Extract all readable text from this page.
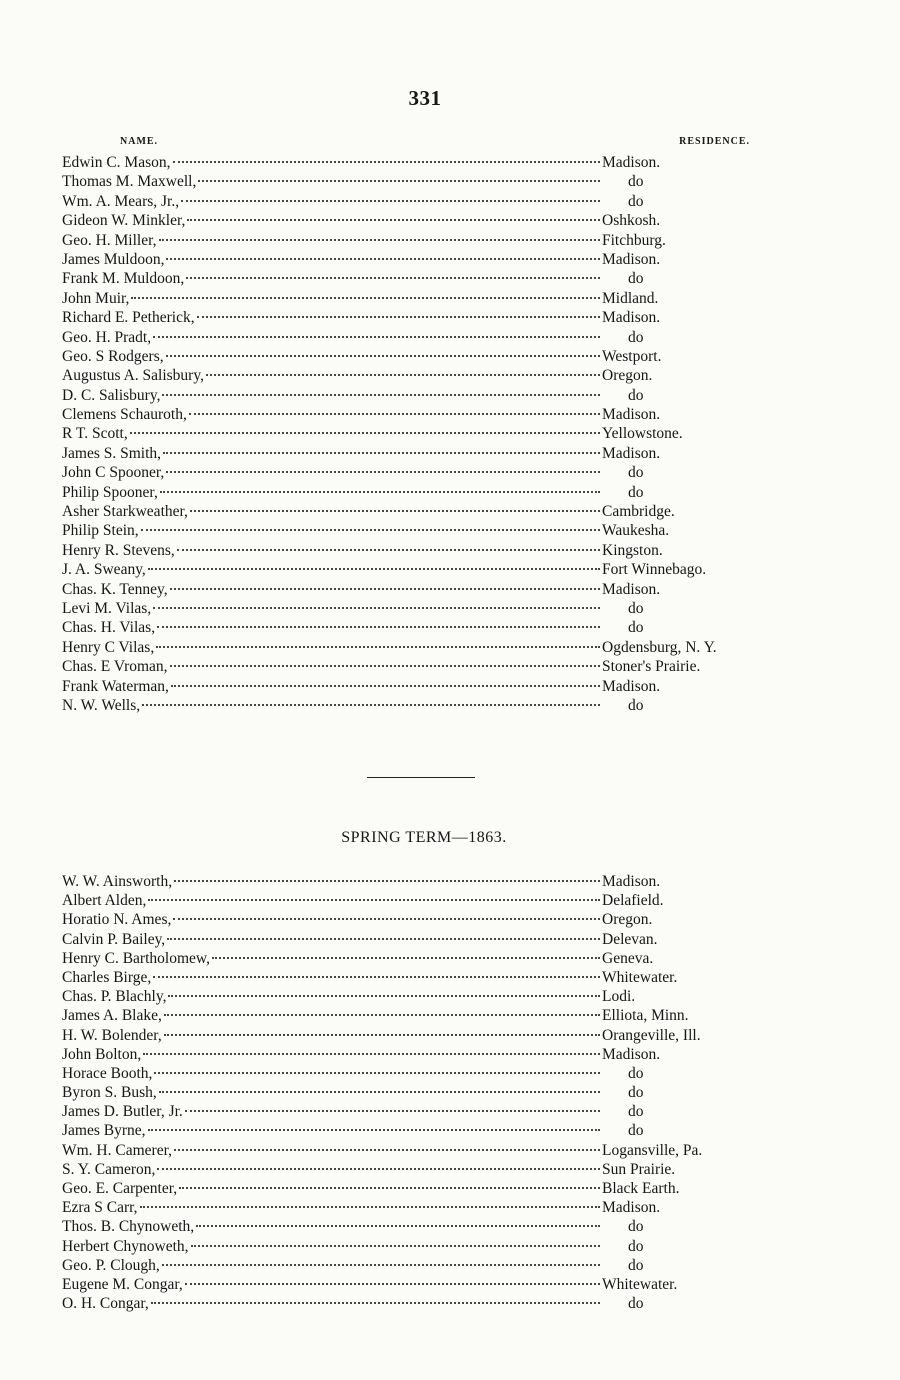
331
NAME.	RESIDENCE.
Edwin C. Mason,	Madison.
Thomas M. Maxwell,	do
Wm. A. Mears, Jr.,	do
Gideon W. Minkler,	Oshkosh.
Geo. H. Miller,	Fitchburg.
James Muldoon,	Madison.
Frank M. Muldoon,	do
John Muir,	Midland.
Richard E. Petherick,	Madison.
Geo. H. Pradt,	do
Geo. S Rodgers,	Westport.
Augustus A. Salisbury,	Oregon.
D. C. Salisbury,	do
Clemens Schauroth,	Madison.
R T. Scott,	Yellowstone.
James S. Smith,	Madison.
John C Spooner,	do
Philip Spooner,	do
Asher Starkweather,	Cambridge.
Philip Stein,	Waukesha.
Henry R. Stevens,	Kingston.
J. A. Sweany,	Fort Winnebago.
Chas. K. Tenney,	Madison.
Levi M. Vilas,	do
Chas. H. Vilas,	do
Henry C Vilas,	Ogdensburg, N. Y.
Chas. E Vroman,	Stoner's Prairie.
Frank Waterman,	Madison.
N. W. Wells,	do
SPRING TERM—1863.
W. W. Ainsworth,	Madison.
Albert Alden,	Delafield.
Horatio N. Ames,	Oregon.
Calvin P. Bailey,	Delevan.
Henry C. Bartholomew,	Geneva.
Charles Birge,	Whitewater.
Chas. P. Blachly,	Lodi.
James A. Blake,	Elliota, Minn.
H. W. Bolender,	Orangeville, Ill.
John Bolton,	Madison.
Horace Booth,	do
Byron S. Bush,	do
James D. Butler, Jr.	do
James Byrne,	do
Wm. H. Camerer,	Logansville, Pa.
S. Y. Cameron,	Sun Prairie.
Geo. E. Carpenter,	Black Earth.
Ezra S Carr,	Madison.
Thos. B. Chynoweth,	do
Herbert Chynoweth,	do
Geo. P. Clough,	do
Eugene M. Congar,	Whitewater.
O. H. Congar,	do
